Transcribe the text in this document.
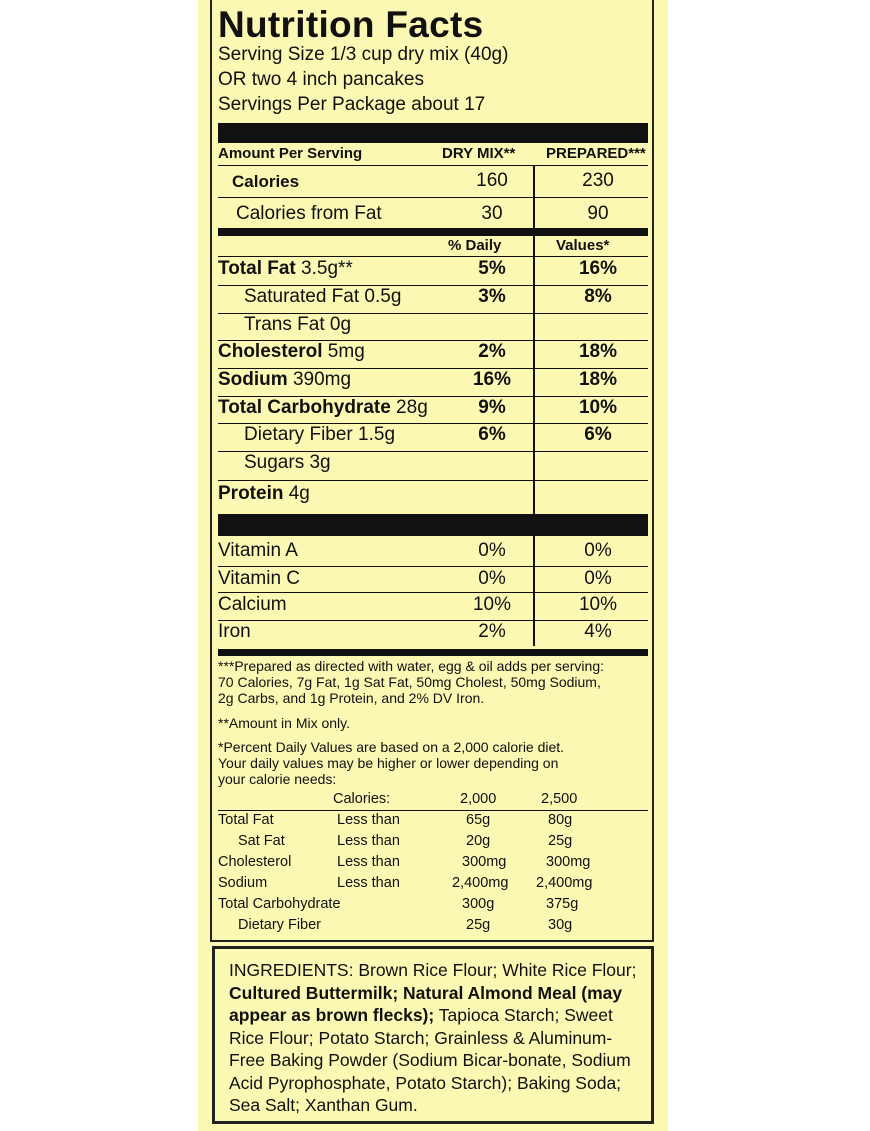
Nutrition Facts
Serving Size 1/3 cup dry mix (40g)
OR two 4 inch pancakes
Servings Per Package about 17
Amount Per Serving	DRY MIX** PREPARED***
Calories	160	230
Calories from Fat	30	90
% Daily	Values*
Total Fat 3.5g**	5%	16%
Saturated Fat 0.5g	3%	8%
Trans Fat 0g
Cholesterol 5mg	2%	18%
Sodium 390mg	16%	18%
Total Carbohydrate 28g	9%	10%
Dietary Fiber 1.5g	6%	6%
Sugars 3g
Protein 4g
Vitamin A	0%	0%
Vitamin C	0%	0%
Calcium	10%	10%
Iron	2%	4%
***Prepared as directed with water, egg & oil adds per serving:
70 Calories, 7g Fat, 1g Sat Fat, 50mg Cholest, 50mg Sodium,
2g Carbs, and 1g Protein, and 2% DV Iron.
**Amount in Mix only.
*Percent Daily Values are based on a 2,000 calorie diet.
Your daily values may be higher or lower depending on
your calorie needs:
Calories:	2,000	2,500
Total Fat	Less than	65g	80g
Sat Fat	Less than	20g	25g
Cholesterol	Less than	300mg	300mg
Sodium	Less than	2,400mg 2,400mg
Total Carbohydrate	300g	375g
Dietary Fiber	25g	30g
INGREDIENTS: Brown Rice Flour; White Rice Flour; Cultured Buttermilk; Natural Almond Meal (may appear as brown flecks); Tapioca Starch; Sweet Rice Flour; Potato Starch; Grainless & Aluminum-Free Baking Powder (Sodium Bicar-bonate, Sodium Acid Pyrophosphate, Potato Starch); Baking Soda; Sea Salt; Xanthan Gum.
